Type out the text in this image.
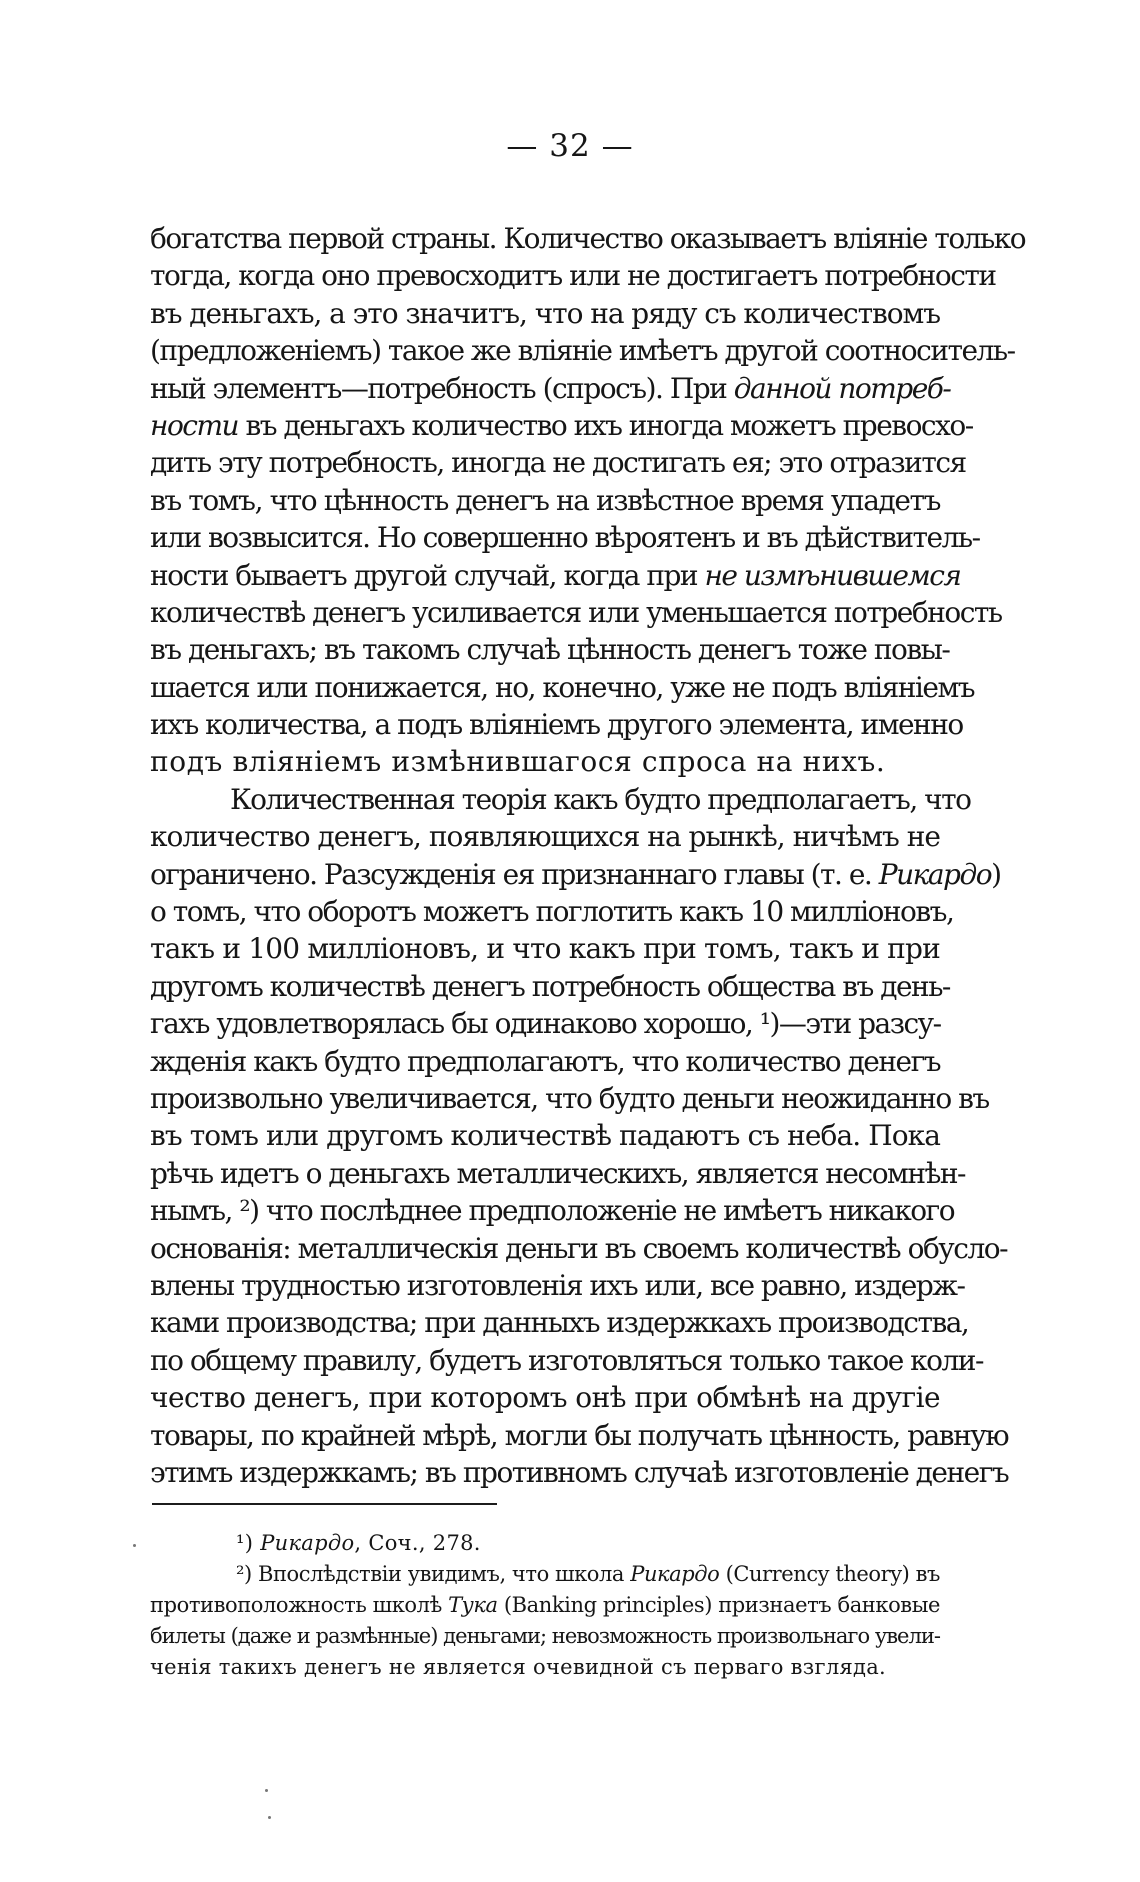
— 32 —
богатства первой страны. Количество оказываетъ вліяніе только
тогда, когда оно превосходитъ или не достигаетъ потребности
въ деньгахъ, а это значитъ, что на ряду съ количествомъ
(предложеніемъ) такое же вліяніе имѣетъ другой соотноситель-
ный элементъ—потребность (спросъ). При данной потреб-
ности въ деньгахъ количество ихъ иногда можетъ превосхо-
дить эту потребность, иногда не достигать ея; это отразится
въ томъ, что цѣнность денегъ на извѣстное время упадетъ
или возвысится. Но совершенно вѣроятенъ и въ дѣйствитель-
ности бываетъ другой случай, когда при не измѣнившемся
количествѣ денегъ усиливается или уменьшается потребность
въ деньгахъ; въ такомъ случаѣ цѣнность денегъ тоже повы-
шается или понижается, но, конечно, уже не подъ вліяніемъ
ихъ количества, а подъ вліяніемъ другого элемента, именно
подъ вліяніемъ измѣнившагося спроса на нихъ.
Количественная теорія какъ будто предполагаетъ, что
количество денегъ, появляющихся на рынкѣ, ничѣмъ не
ограничено. Разсужденія ея признаннаго главы (т. е. Рикардо)
о томъ, что оборотъ можетъ поглотить какъ 10 милліоновъ,
такъ и 100 милліоновъ, и что какъ при томъ, такъ и при
другомъ количествѣ денегъ потребность общества въ день-
гахъ удовлетворялась бы одинаково хорошо, ¹)—эти разсу-
жденія какъ будто предполагаютъ, что количество денегъ
произвольно увеличивается, что будто деньги неожиданно въ
въ томъ или другомъ количествѣ падаютъ съ неба. Пока
рѣчь идетъ о деньгахъ металлическихъ, является несомнѣн-
нымъ, ²) что послѣднее предположеніе не имѣетъ никакого
основанія: металлическія деньги въ своемъ количествѣ обусло-
влены трудностью изготовленія ихъ или, все равно, издерж-
ками производства; при данныхъ издержкахъ производства,
по общему правилу, будетъ изготовляться только такое коли-
чество денегъ, при которомъ онѣ при обмѣнѣ на другіе
товары, по крайней мѣрѣ, могли бы получать цѣнность, равную
этимъ издержкамъ; въ противномъ случаѣ изготовленіе денегъ
¹) Рикардо, Соч., 278.
²) Впослѣдствіи увидимъ, что школа Рикардо (Currency theory) въ
противоположность школѣ Тука (Banking principles) признаетъ банковые
билеты (даже и размѣнные) деньгами; невозможность произвольнаго увели-
ченія такихъ денегъ не является очевидной съ перваго взгляда.
